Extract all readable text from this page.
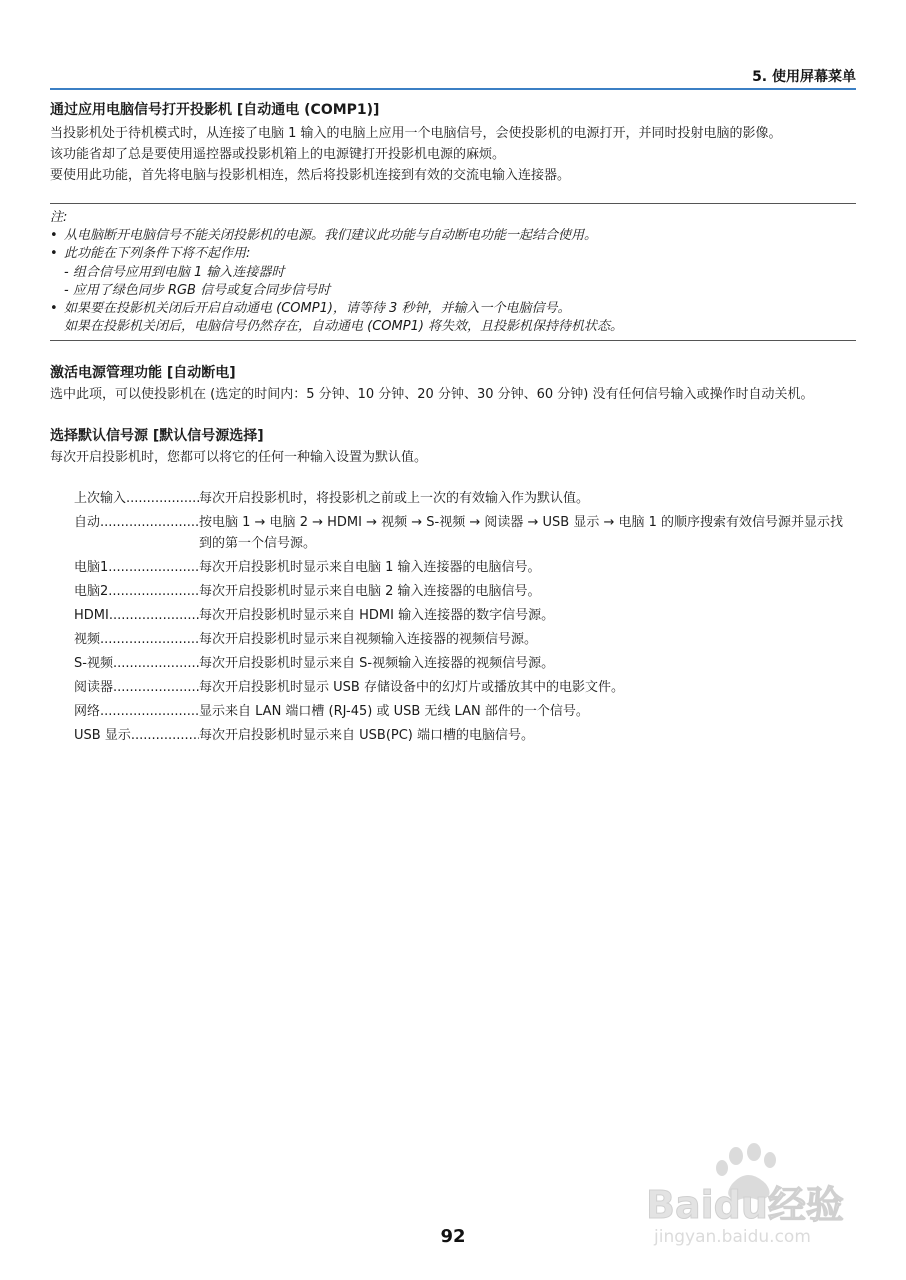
5. 使用屏幕菜单
通过应用电脑信号打开投影机 [自动通电 (COMP1)]

当投影机处于待机模式时，从连接了电脑 1 输入的电脑上应用一个电脑信号，会使投影机的电源打开，并同时投射电脑的影像。

该功能省却了总是要使用遥控器或投影机箱上的电源键打开投影机电源的麻烦。

要使用此功能，首先将电脑与投影机相连，然后将投影机连接到有效的交流电输入连接器。

注:

• 从电脑断开电脑信号不能关闭投影机的电源。我们建议此功能与自动断电功能一起结合使用。

• 此功能在下列条件下将不起作用:

- 组合信号应用到电脑 1 输入连接器时

- 应用了绿色同步 RGB 信号或复合同步信号时

• 如果要在投影机关闭后开启自动通电 (COMP1)，请等待 3 秒钟，并输入一个电脑信号。

如果在投影机关闭后，电脑信号仍然存在，自动通电 (COMP1) 将失效，且投影机保持待机状态。

激活电源管理功能 [自动断电]

选中此项，可以使投影机在 (选定的时间内：5 分钟、10 分钟、20 分钟、30 分钟、60 分钟) 没有任何信号输入或操作时自动关机。

选择默认信号源 [默认信号源选择]

每次开启投影机时，您都可以将它的任何一种输入设置为默认值。

上次输入 .....	每次开启投影机时，将投影机之前或上一次的有效输入作为默认值。
自动 .....	按电脑 1 → 电脑 2 → HDMI → 视频 → S-视频 → 阅读器 → USB 显示 → 电脑 1 的顺序搜索有效信号源并显示找到的第一个信号源。
电脑1 .....	每次开启投影机时显示来自电脑 1 输入连接器的电脑信号。
电脑2 .....	每次开启投影机时显示来自电脑 2 输入连接器的电脑信号。
HDMI .....	每次开启投影机时显示来自 HDMI 输入连接器的数字信号源。
视频 .....	每次开启投影机时显示来自视频输入连接器的视频信号源。
S-视频 .....	每次开启投影机时显示来自 S-视频输入连接器的视频信号源。
阅读器 .....	每次开启投影机时显示 USB 存储设备中的幻灯片或播放其中的电影文件。
网络 .....	显示来自 LAN 端口槽 (RJ-45) 或 USB 无线 LAN 部件的一个信号。
USB 显示 .....	每次开启投影机时显示来自 USB(PC) 端口槽的电脑信号。
Baidu经验
jingyan.baidu.com
92
